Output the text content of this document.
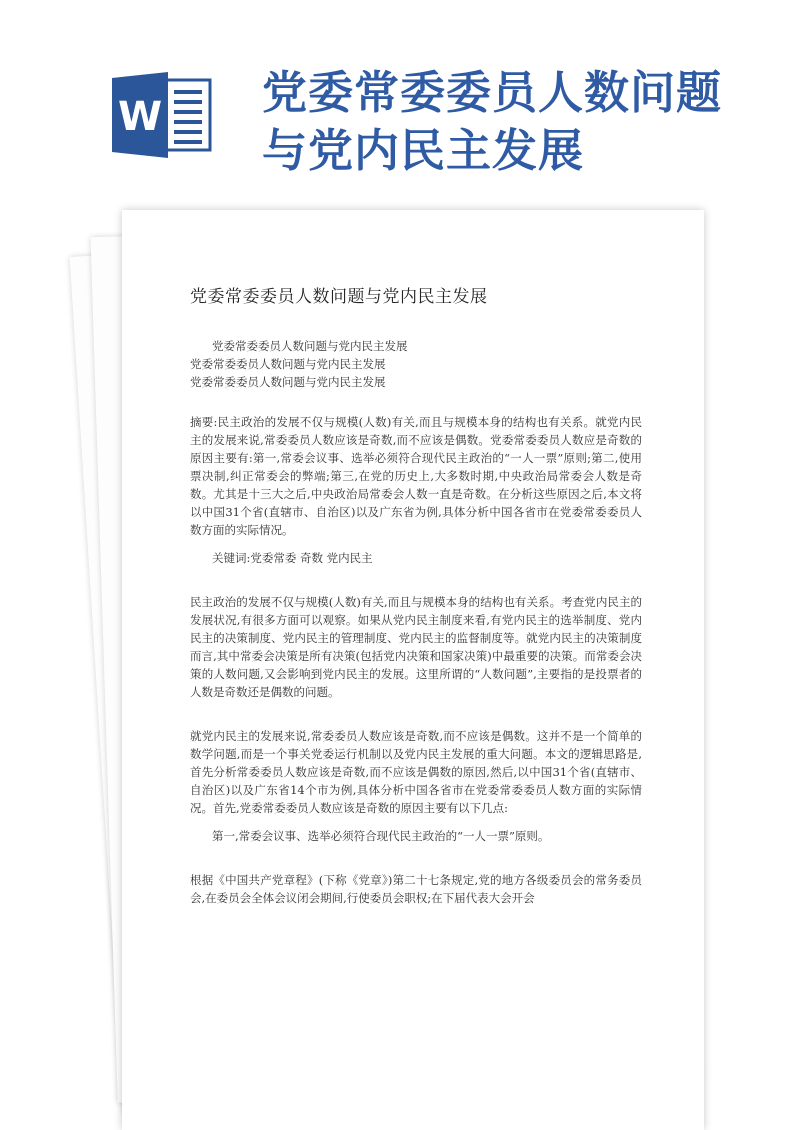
W 党委常委委员人数问题
与党内民主发展
党委常委委员人数问题与党内民主发展
党委常委委员人数问题与党内民主发展
党委常委委员人数问题与党内民主发展
党委常委委员人数问题与党内民主发展

摘要:民主政治的发展不仅与规模(人数)有关,而且与规模本身的结构也有关系。就党内民主的发展来说,常委委员人数应该是奇数,而不应该是偶数。党委常委委员人数应是奇数的原因主要有:第一,常委会议事、选举必须符合现代民主政治的“一人一票”原则;第二,使用票决制,纠正常委会的弊端;第三,在党的历史上,大多数时期,中央政治局常委会人数是奇数。尤其是十三大之后,中央政治局常委会人数一直是奇数。在分析这些原因之后,本文将以中国31个省(直辖市、自治区)以及广东省为例,具体分析中国各省市在党委常委委员人数方面的实际情况。

关键词:党委常委 奇数 党内民主

民主政治的发展不仅与规模(人数)有关,而且与规模本身的结构也有关系。考查党内民主的发展状况,有很多方面可以观察。如果从党内民主制度来看,有党内民主的选举制度、党内民主的决策制度、党内民主的管理制度、党内民主的监督制度等。就党内民主的决策制度而言,其中常委会决策是所有决策(包括党内决策和国家决策)中最重要的决策。而常委会决策的人数问题,又会影响到党内民主的发展。这里所谓的“人数问题”,主要指的是投票者的人数是奇数还是偶数的问题。

就党内民主的发展来说,常委委员人数应该是奇数,而不应该是偶数。这并不是一个简单的数学问题,而是一个事关党委运行机制以及党内民主发展的重大问题。本文的逻辑思路是,首先分析常委委员人数应该是奇数,而不应该是偶数的原因,然后,以中国31个省(直辖市、自治区)以及广东省14个市为例,具体分析中国各省市在党委常委委员人数方面的实际情况。首先,党委常委委员人数应该是奇数的原因主要有以下几点:

第一,常委会议事、选举必须符合现代民主政治的“一人一票”原则。

根据《中国共产党章程》(下称《党章》)第二十七条规定,党的地方各级委员会的常务委员会,在委员会全体会议闭会期间,行使委员会职权;在下届代表大会开会
